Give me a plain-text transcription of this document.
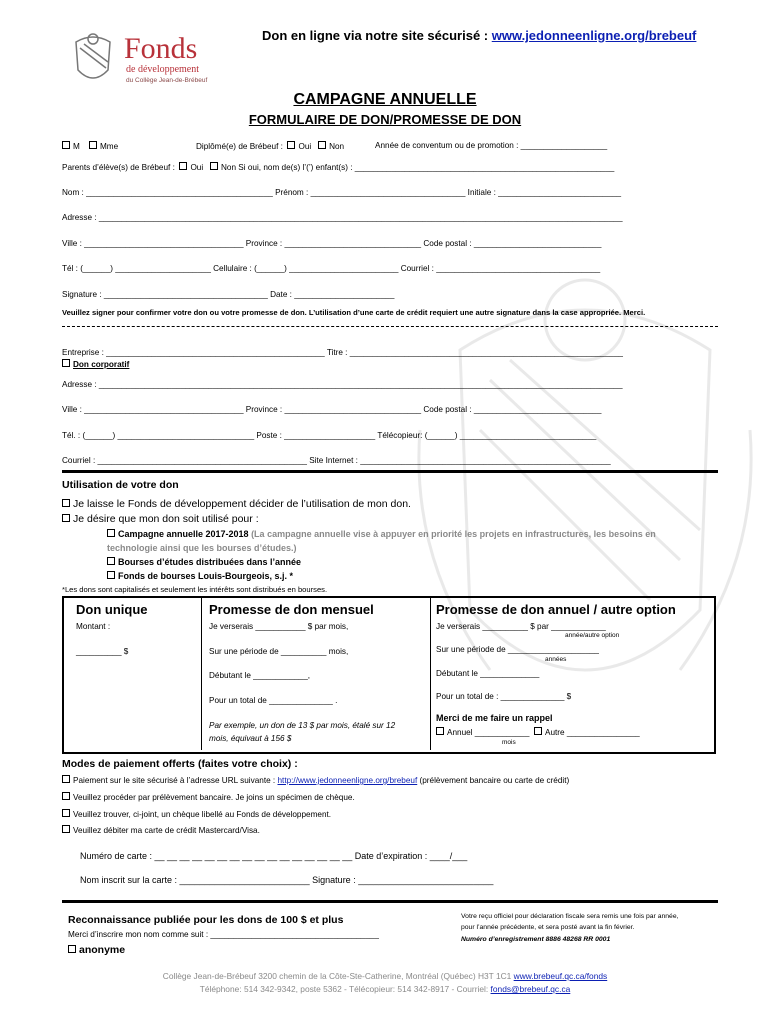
Fonds
de développement
du Collège Jean-de-Brébeuf
Don en ligne via notre site sécurisé : www.jedonneenligne.org/brebeuf
CAMPAGNE ANNUELLE
FORMULAIRE DE DON/PROMESSE DE DON
M Mme	Diplômé(e) de Brébeuf : Oui Non	Année de conventum ou de promotion : ___________________
Parents d’élève(s) de Brébeuf : Oui Non Si oui, nom de(s) l’(’) enfant(s) : _________________________________________________________
Nom : _________________________________________ Prénom : __________________________________ Initiale : ___________________________
Adresse : ___________________________________________________________________________________________________________________
Ville : ___________________________________ Province : ______________________________ Code postal : ____________________________
Tél : (______) _____________________ Cellulaire : (______) ________________________ Courriel : ____________________________________
Signature : ____________________________________ Date : ______________________
Veuillez signer pour confirmer votre don ou votre promesse de don. L’utilisation d’une carte de crédit requiert une autre signature dans la case appropriée. Merci.
Entreprise : ________________________________________________ Titre : ____________________________________________________________
Don corporatif
Adresse : ___________________________________________________________________________________________________________________
Ville : ___________________________________ Province : ______________________________ Code postal : ____________________________
Tél. : (______) ______________________________ Poste : ____________________ Télécopieur: (______) ______________________________
Courriel : ______________________________________________ Site Internet : _______________________________________________________
Utilisation de votre don
Je laisse le Fonds de développement décider de l’utilisation de mon don.
Je désire que mon don soit utilisé pour :
Campagne annuelle 2017-2018 (La campagne annuelle vise à appuyer en priorité les projets en infrastructures, les besoins en
technologie ainsi que les bourses d’études.)
Bourses d’études distribuées dans l’année
Fonds de bourses Louis-Bourgeois, s.j. *
*Les dons sont capitalisés et seulement les intérêts sont distribués en bourses.
Don unique
Montant :
__________ $
Promesse de don mensuel
Je verserais ___________ $ par mois,
Sur une période de __________ mois,
Débutant le ____________,
Pour un total de ______________ .
Par exemple, un don de 13 $ par mois, étalé sur 12
mois, équivaut à 156 $
Promesse de don annuel / autre option
Je verserais __________ $ par ____________
année/autre option
Sur une période de ____________________
années
Débutant le _____________
Pour un total de : ______________ $
Merci de me faire un rappel
Annuel ____________ Autre ________________
mois
Modes de paiement offerts (faites votre choix) :
Paiement sur le site sécurisé à l’adresse URL suivante : http://www.jedonneenligne.org/brebeuf (prélèvement bancaire ou carte de crédit)
Veuillez procéder par prélèvement bancaire. Je joins un spécimen de chèque.
Veuillez trouver, ci-joint, un chèque libellé au Fonds de développement.
Veuillez débiter ma carte de crédit Mastercard/Visa.
Numéro de carte : __ __ __ __ __ __ __ __ __ __ __ __ __ __ __ __ Date d’expiration : ____/___
Nom inscrit sur la carte : __________________________ Signature : ___________________________
Reconnaissance publiée pour les dons de 100 $ et plus
Merci d’inscrire mon nom comme suit : _____________________________________
anonyme
Votre reçu officiel pour déclaration fiscale sera remis une fois par année,
pour l’année précédente, et sera posté avant la fin février.
Numéro d’enregistrement 8886 48268 RR 0001
Collège Jean-de-Brébeuf 3200 chemin de la Côte-Ste-Catherine, Montréal (Québec) H3T 1C1 www.brebeuf.qc.ca/fonds
Téléphone: 514 342-9342, poste 5362 - Télécopieur: 514 342-8917 - Courriel: fonds@brebeuf.qc.ca
